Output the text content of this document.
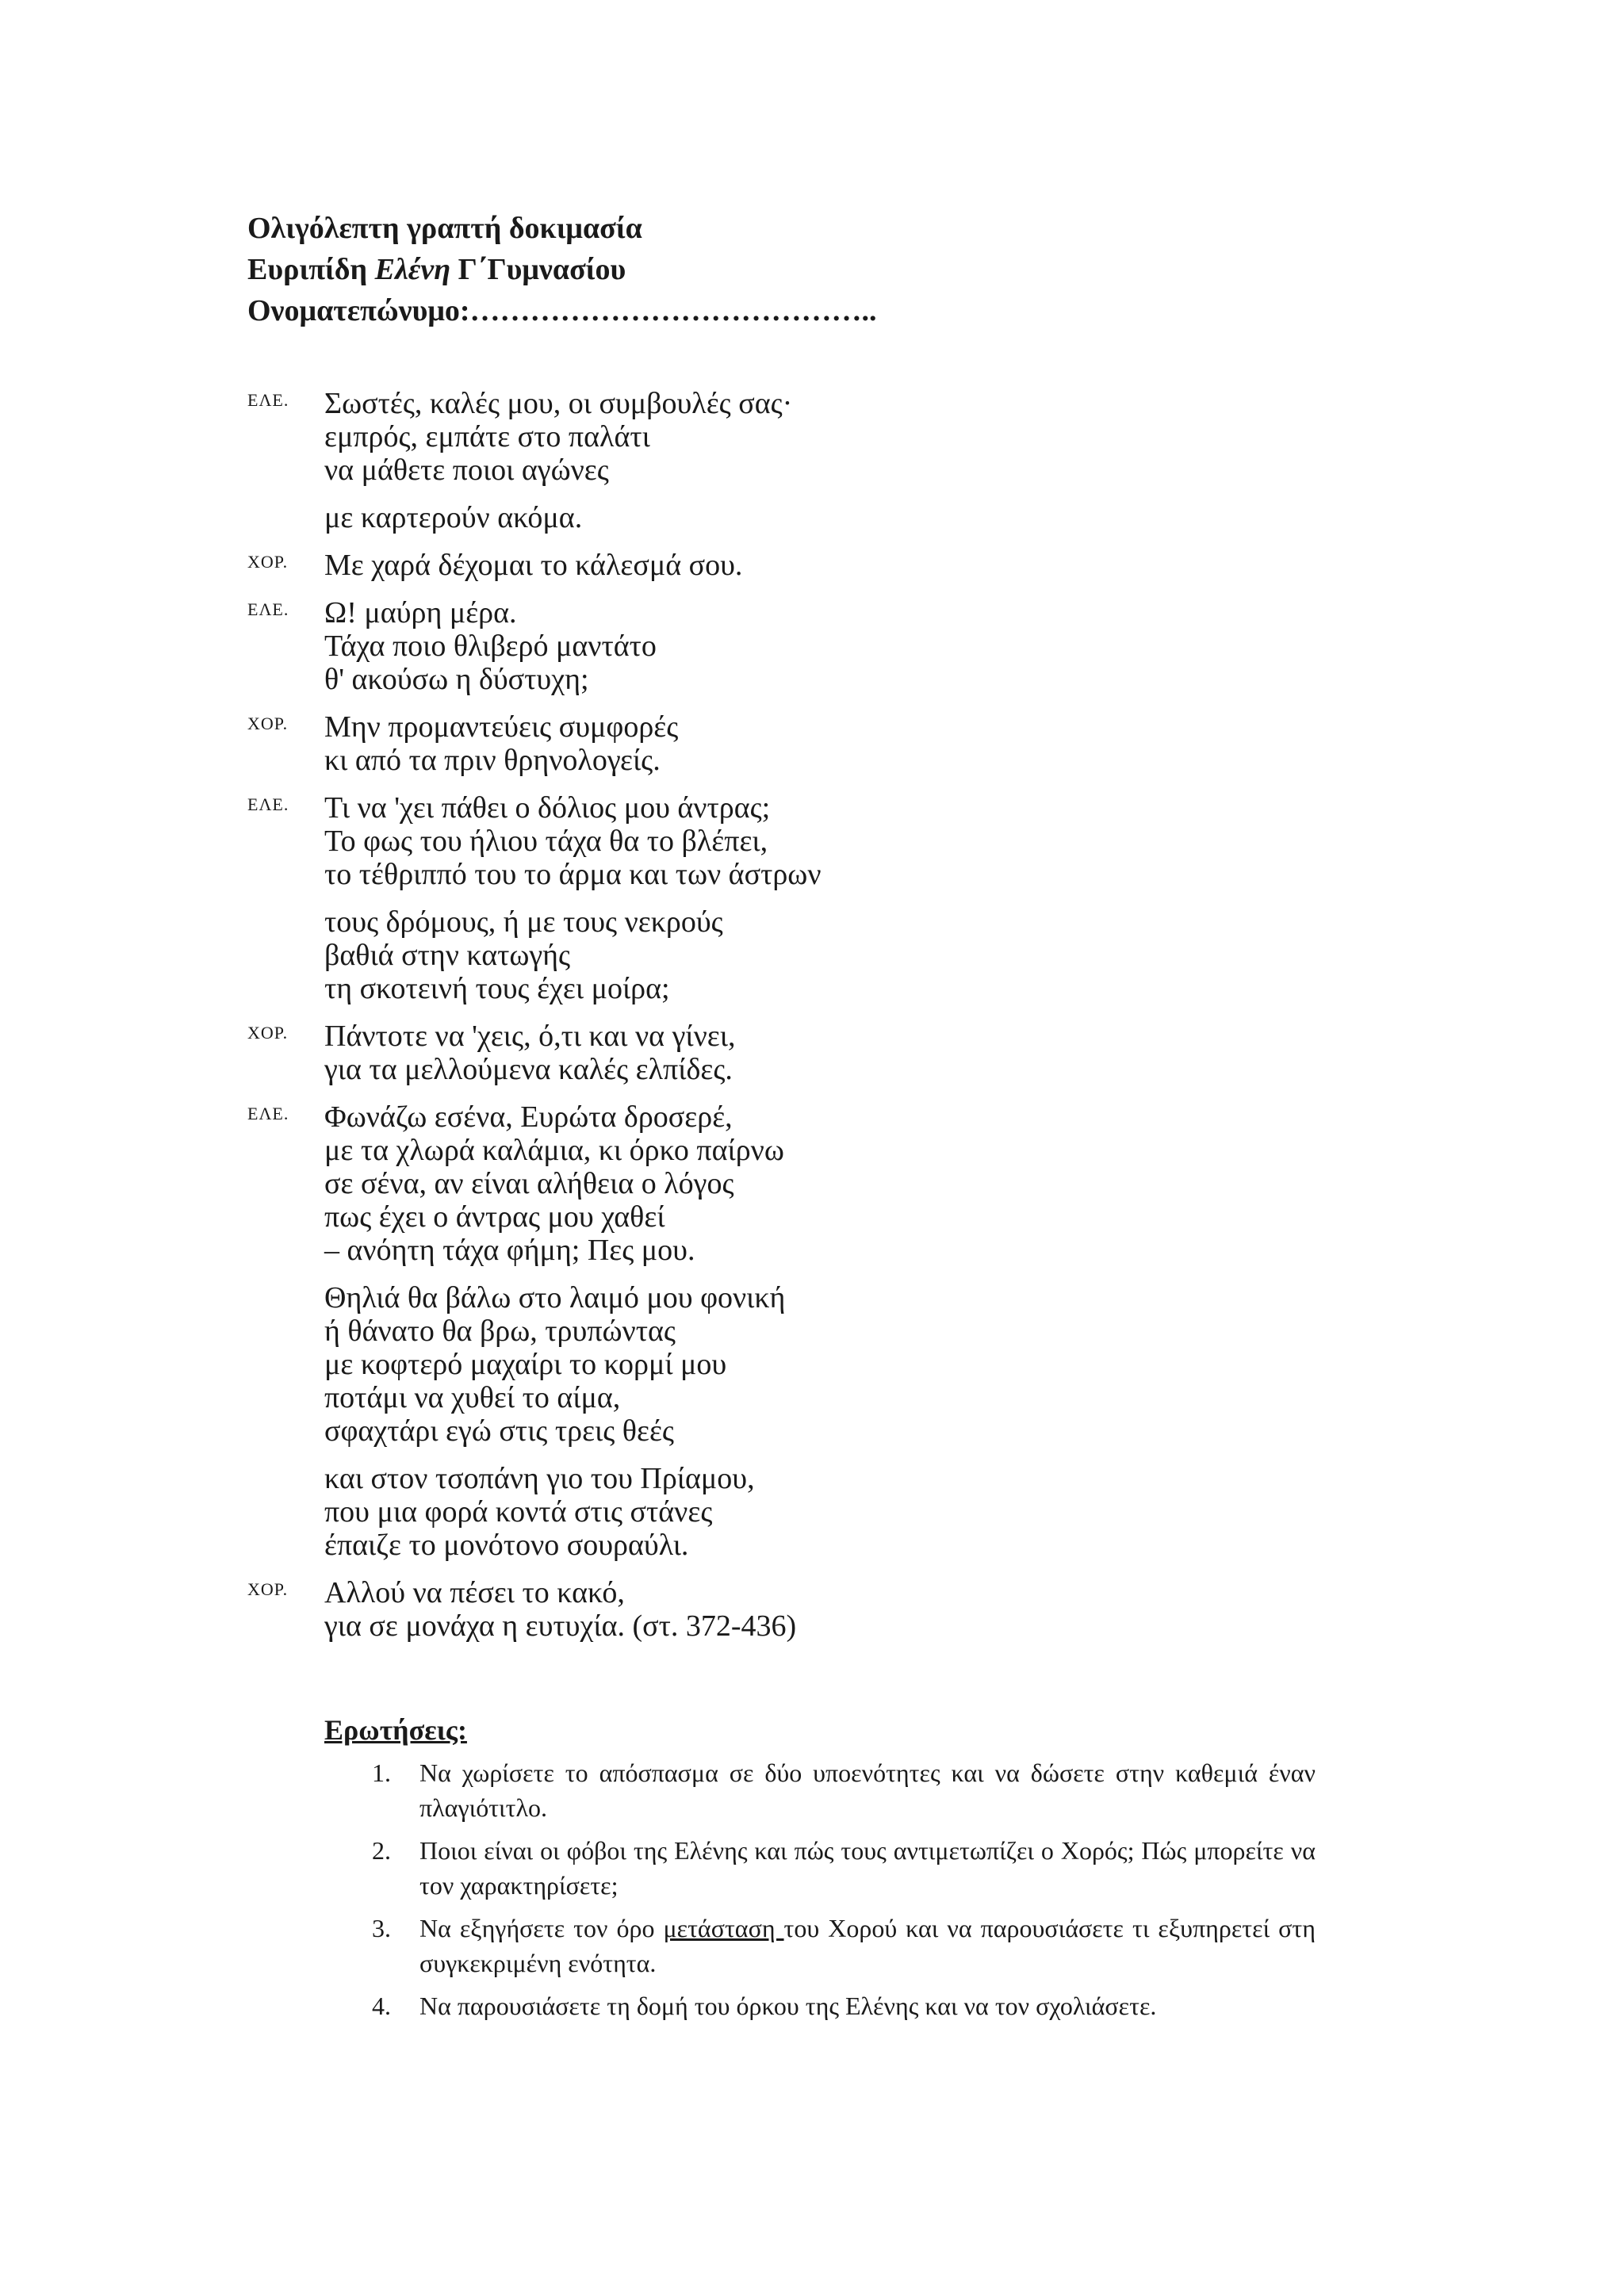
Ολιγόλεπτη γραπτή δοκιμασία
Ευριπίδη Ελένη Γ΄Γυμνασίου
Ονοματεπώνυμο:…………………………………..
ΕΛΕ.	Σωστές, καλές μου, οι συμβουλές σας·
εμπρός, εμπάτε στο παλάτι
να μάθετε ποιοι αγώνες
με καρτερούν ακόμα.
ΧΟΡ.	Με χαρά δέχομαι το κάλεσμά σου.
ΕΛΕ.	Ω! μαύρη μέρα.
Τάχα ποιο θλιβερό μαντάτο
θ' ακούσω η δύστυχη;
ΧΟΡ.	Μην προμαντεύεις συμφορές
κι από τα πριν θρηνολογείς.
ΕΛΕ.	Τι να 'χει πάθει ο δόλιος μου άντρας;
Το φως του ήλιου τάχα θα το βλέπει,
το τέθριππό του το άρμα και των άστρων
τους δρόμους, ή με τους νεκρούς
βαθιά στην κατωγής
τη σκοτεινή τους έχει μοίρα;
ΧΟΡ.	Πάντοτε να 'χεις, ό,τι και να γίνει,
για τα μελλούμενα καλές ελπίδες.
ΕΛΕ.	Φωνάζω εσένα, Ευρώτα δροσερέ,
με τα χλωρά καλάμια, κι όρκο παίρνω
σε σένα, αν είναι αλήθεια ο λόγος
πως έχει ο άντρας μου χαθεί
– ανόητη τάχα φήμη; Πες μου.
Θηλιά θα βάλω στο λαιμό μου φονική
ή θάνατο θα βρω, τρυπώντας
με κοφτερό μαχαίρι το κορμί μου
ποτάμι να χυθεί το αίμα,
σφαχτάρι εγώ στις τρεις θεές
και στον τσοπάνη γιο του Πρίαμου,
που μια φορά κοντά στις στάνες
έπαιζε το μονότονο σουραύλι.
ΧΟΡ.	Αλλού να πέσει το κακό,
για σε μονάχα η ευτυχία. (στ. 372-436)
Ερωτήσεις:
1. Να χωρίσετε το απόσπασμα σε δύο υποενότητες και να δώσετε στην καθεμιά έναν πλαγιότιτλο.
2. Ποιοι είναι οι φόβοι της Ελένης και πώς τους αντιμετωπίζει ο Χορός; Πώς μπορείτε να τον χαρακτηρίσετε;
3. Να εξηγήσετε τον όρο μετάσταση του Χορού και να παρουσιάσετε τι εξυπηρετεί στη συγκεκριμένη ενότητα.
4. Να παρουσιάσετε τη δομή του όρκου της Ελένης και να τον σχολιάσετε.
